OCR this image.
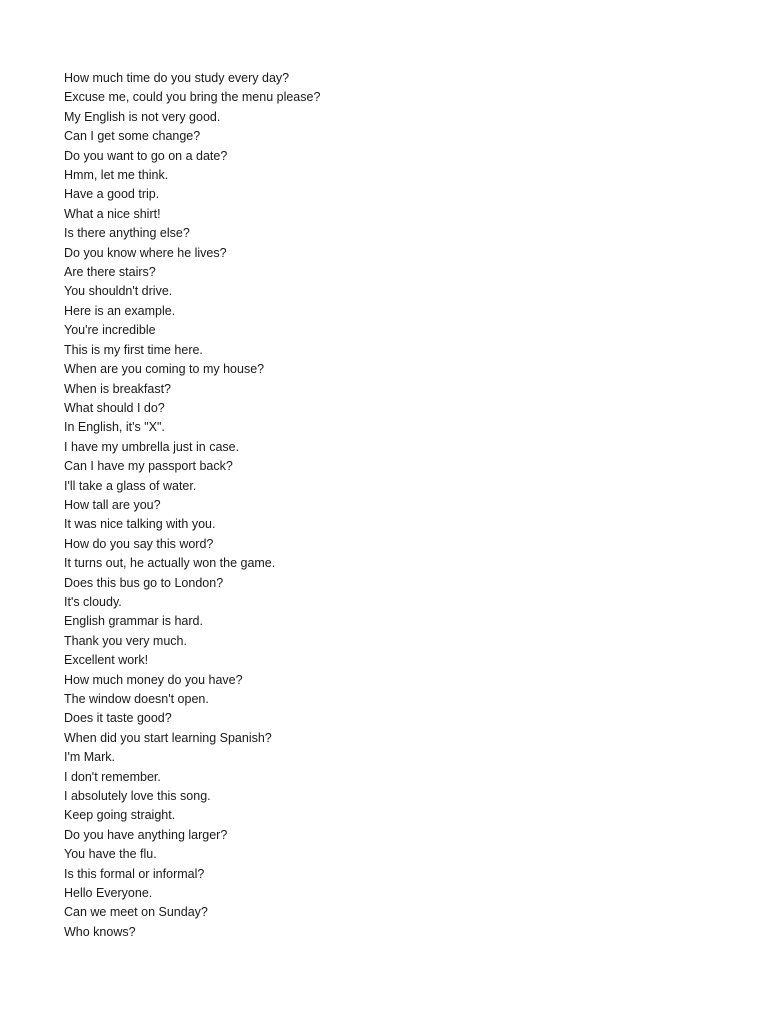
How much time do you study every day?
Excuse me, could you bring the menu please?
My English is not very good.
Can I get some change?
Do you want to go on a date?
Hmm, let me think.
Have a good trip.
What a nice shirt!
Is there anything else?
Do you know where he lives?
Are there stairs?
You shouldn't drive.
Here is an example.
You're incredible
This is my first time here.
When are you coming to my house?
When is breakfast?
What should I do?
In English, it's "X".
I have my umbrella just in case.
Can I have my passport back?
I'll take a glass of water.
How tall are you?
It was nice talking with you.
How do you say this word?
It turns out, he actually won the game.
Does this bus go to London?
It's cloudy.
English grammar is hard.
Thank you very much.
Excellent work!
How much money do you have?
The window doesn't open.
Does it taste good?
When did you start learning Spanish?
I'm Mark.
I don't remember.
I absolutely love this song.
Keep going straight.
Do you have anything larger?
You have the flu.
Is this formal or informal?
Hello Everyone.
Can we meet on Sunday?
Who knows?
